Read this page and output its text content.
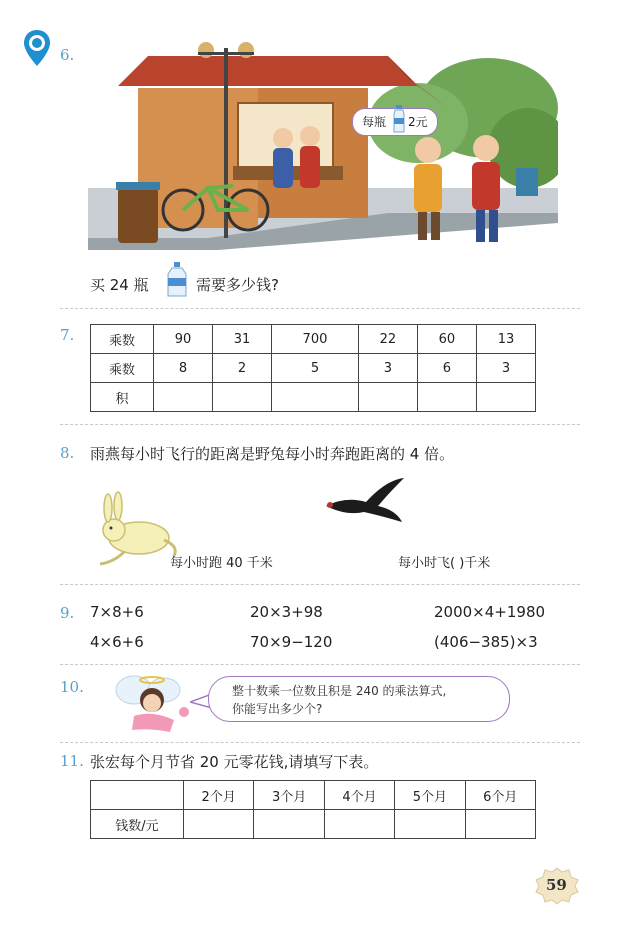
6.
每瓶 2元
买 24 瓶	需要多少钱?
7.	乘数	90	31	700	22	60	13
乘数	8	2	5	3	6	3
积						
8. 雨燕每小时飞行的距离是野兔每小时奔跑距离的 4 倍。
每小时跑 40 千米	每小时飞( )千米
9. 7×8+6	20×3+98	2000×4+1980
4×6+6	70×9−120	(406−385)×3
10.	整十数乘一位数且积是 240 的乘法算式,
你能写出多少个?
11. 张宏每个月节省 20 元零花钱,请填写下表。
	2个月	3个月	4个月	5个月	6个月
钱数/元					
59
